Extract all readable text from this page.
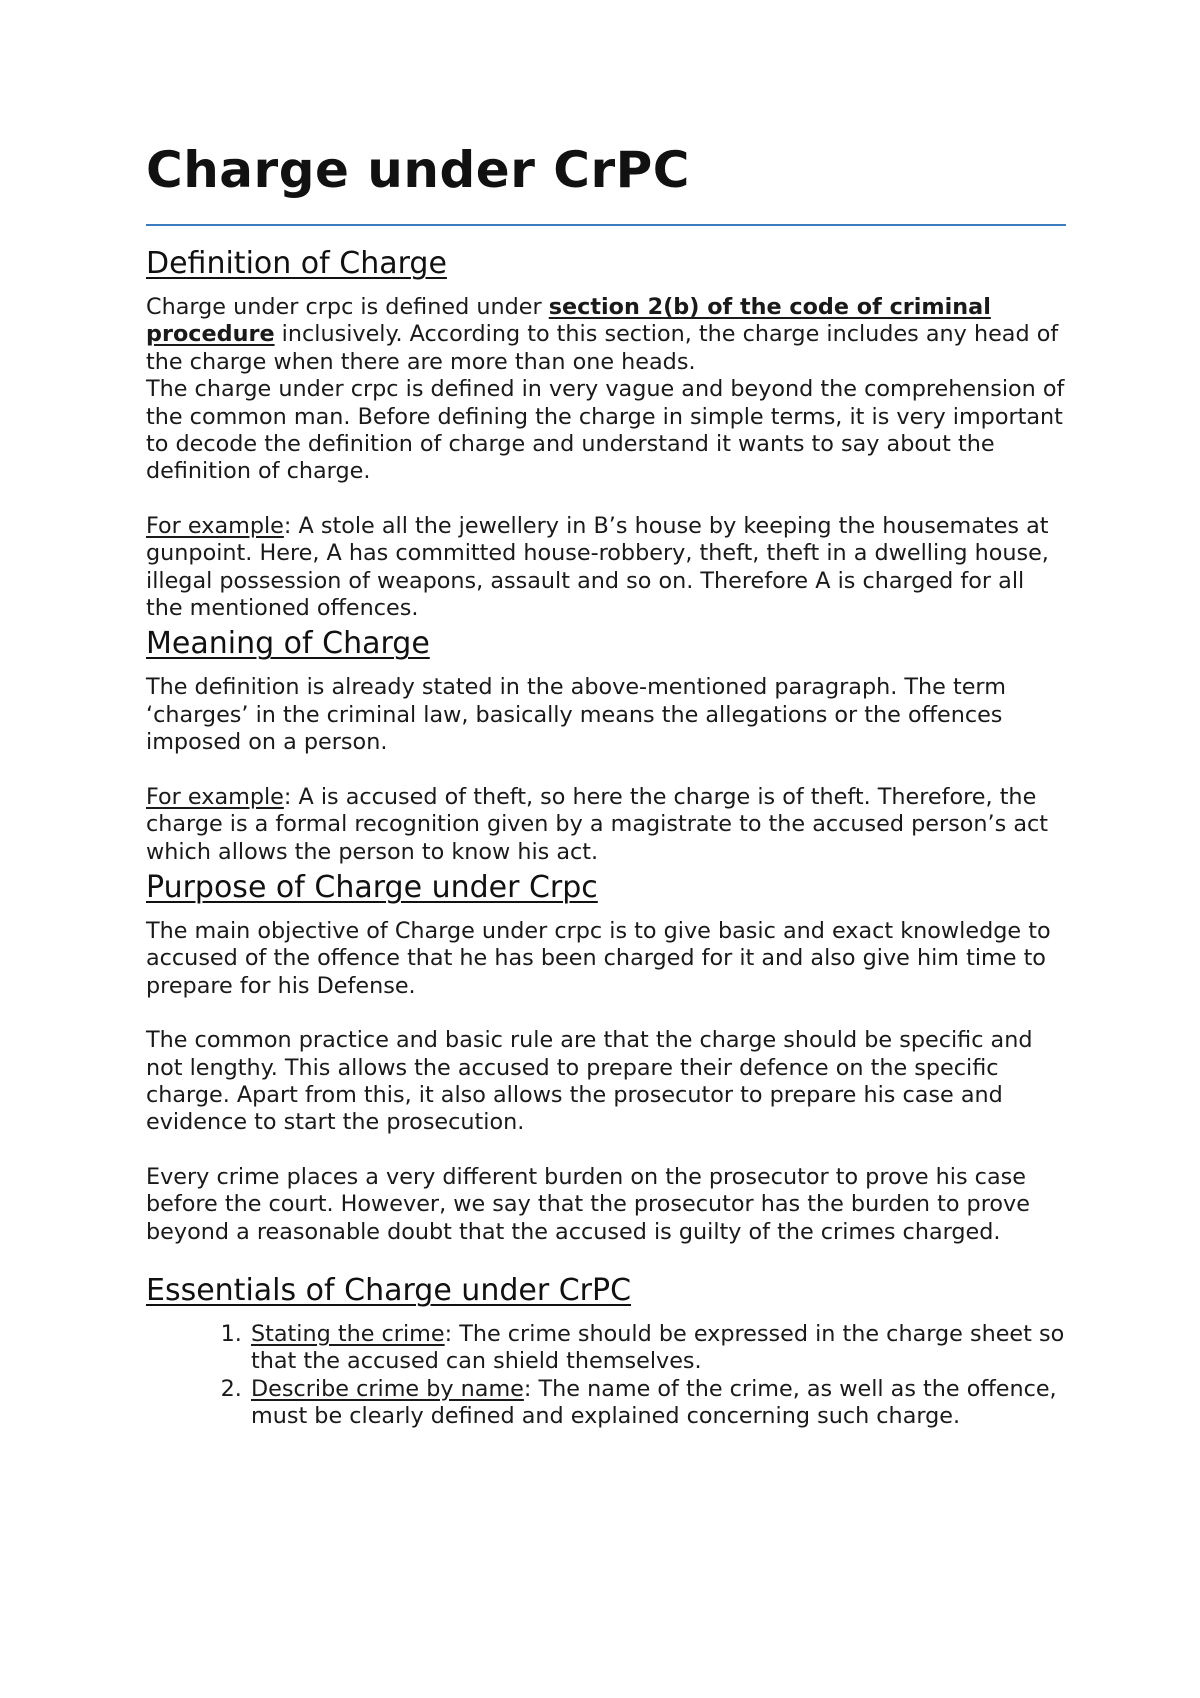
Charge under CrPC
Definition of Charge

Charge under crpc is defined under section 2(b) of the code of criminal procedure inclusively. According to this section, the charge includes any head of the charge when there are more than one heads.

The charge under crpc is defined in very vague and beyond the comprehension of the common man. Before defining the charge in simple terms, it is very important to decode the definition of charge and understand it wants to say about the definition of charge.

For example: A stole all the jewellery in B’s house by keeping the housemates at gunpoint. Here, A has committed house-robbery, theft, theft in a dwelling house, illegal possession of weapons, assault and so on. Therefore A is charged for all the mentioned offences.

Meaning of Charge

The definition is already stated in the above-mentioned paragraph. The term ‘charges’ in the criminal law, basically means the allegations or the offences imposed on a person.

For example: A is accused of theft, so here the charge is of theft. Therefore, the charge is a formal recognition given by a magistrate to the accused person’s act which allows the person to know his act.

Purpose of Charge under Crpc

The main objective of Charge under crpc is to give basic and exact knowledge to accused of the offence that he has been charged for it and also give him time to prepare for his Defense.

The common practice and basic rule are that the charge should be specific and not lengthy. This allows the accused to prepare their defence on the specific charge. Apart from this, it also allows the prosecutor to prepare his case and evidence to start the prosecution.

Every crime places a very different burden on the prosecutor to prove his case before the court. However, we say that the prosecutor has the burden to prove beyond a reasonable doubt that the accused is guilty of the crimes charged.

Essentials of Charge under CrPC
1. Stating the crime: The crime should be expressed in the charge sheet so that the accused can shield themselves.
2. Describe crime by name: The name of the crime, as well as the offence, must be clearly defined and explained concerning such charge.
